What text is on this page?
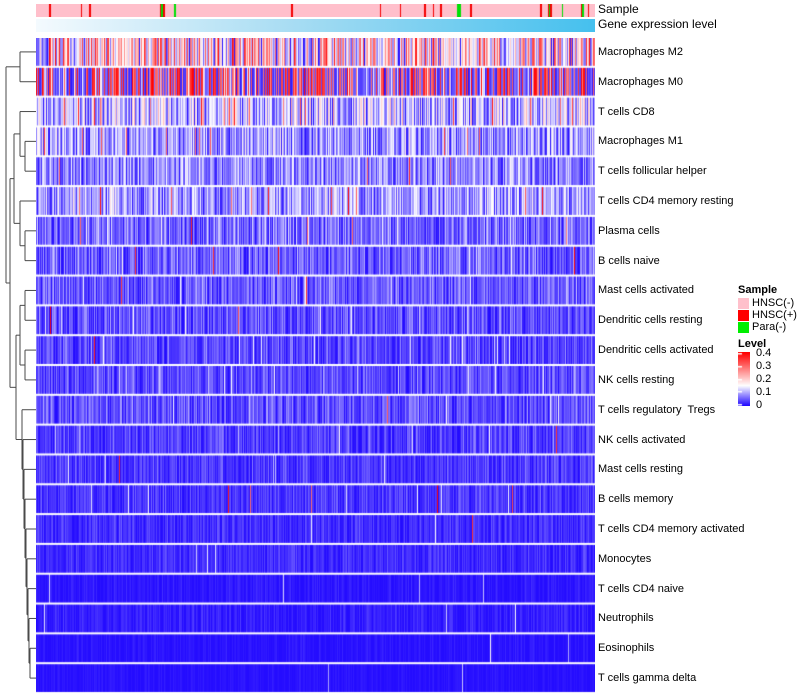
Sample
Gene expression level
Macrophages M2
Macrophages M0
T cells CD8
Macrophages M1
T cells follicular helper
T cells CD4 memory resting
Plasma cells
B cells naive
Mast cells activated
Dendritic cells resting
Dendritic cells activated
NK cells resting
T cells regulatory  Tregs
NK cells activated
Mast cells resting
B cells memory
T cells CD4 memory activated
Monocytes
T cells CD4 naive
Neutrophils
Eosinophils
T cells gamma delta
Sample
HNSC(-)
HNSC(+)
Para(-)
Level
0.4
0.3
0.2
0.1
0
